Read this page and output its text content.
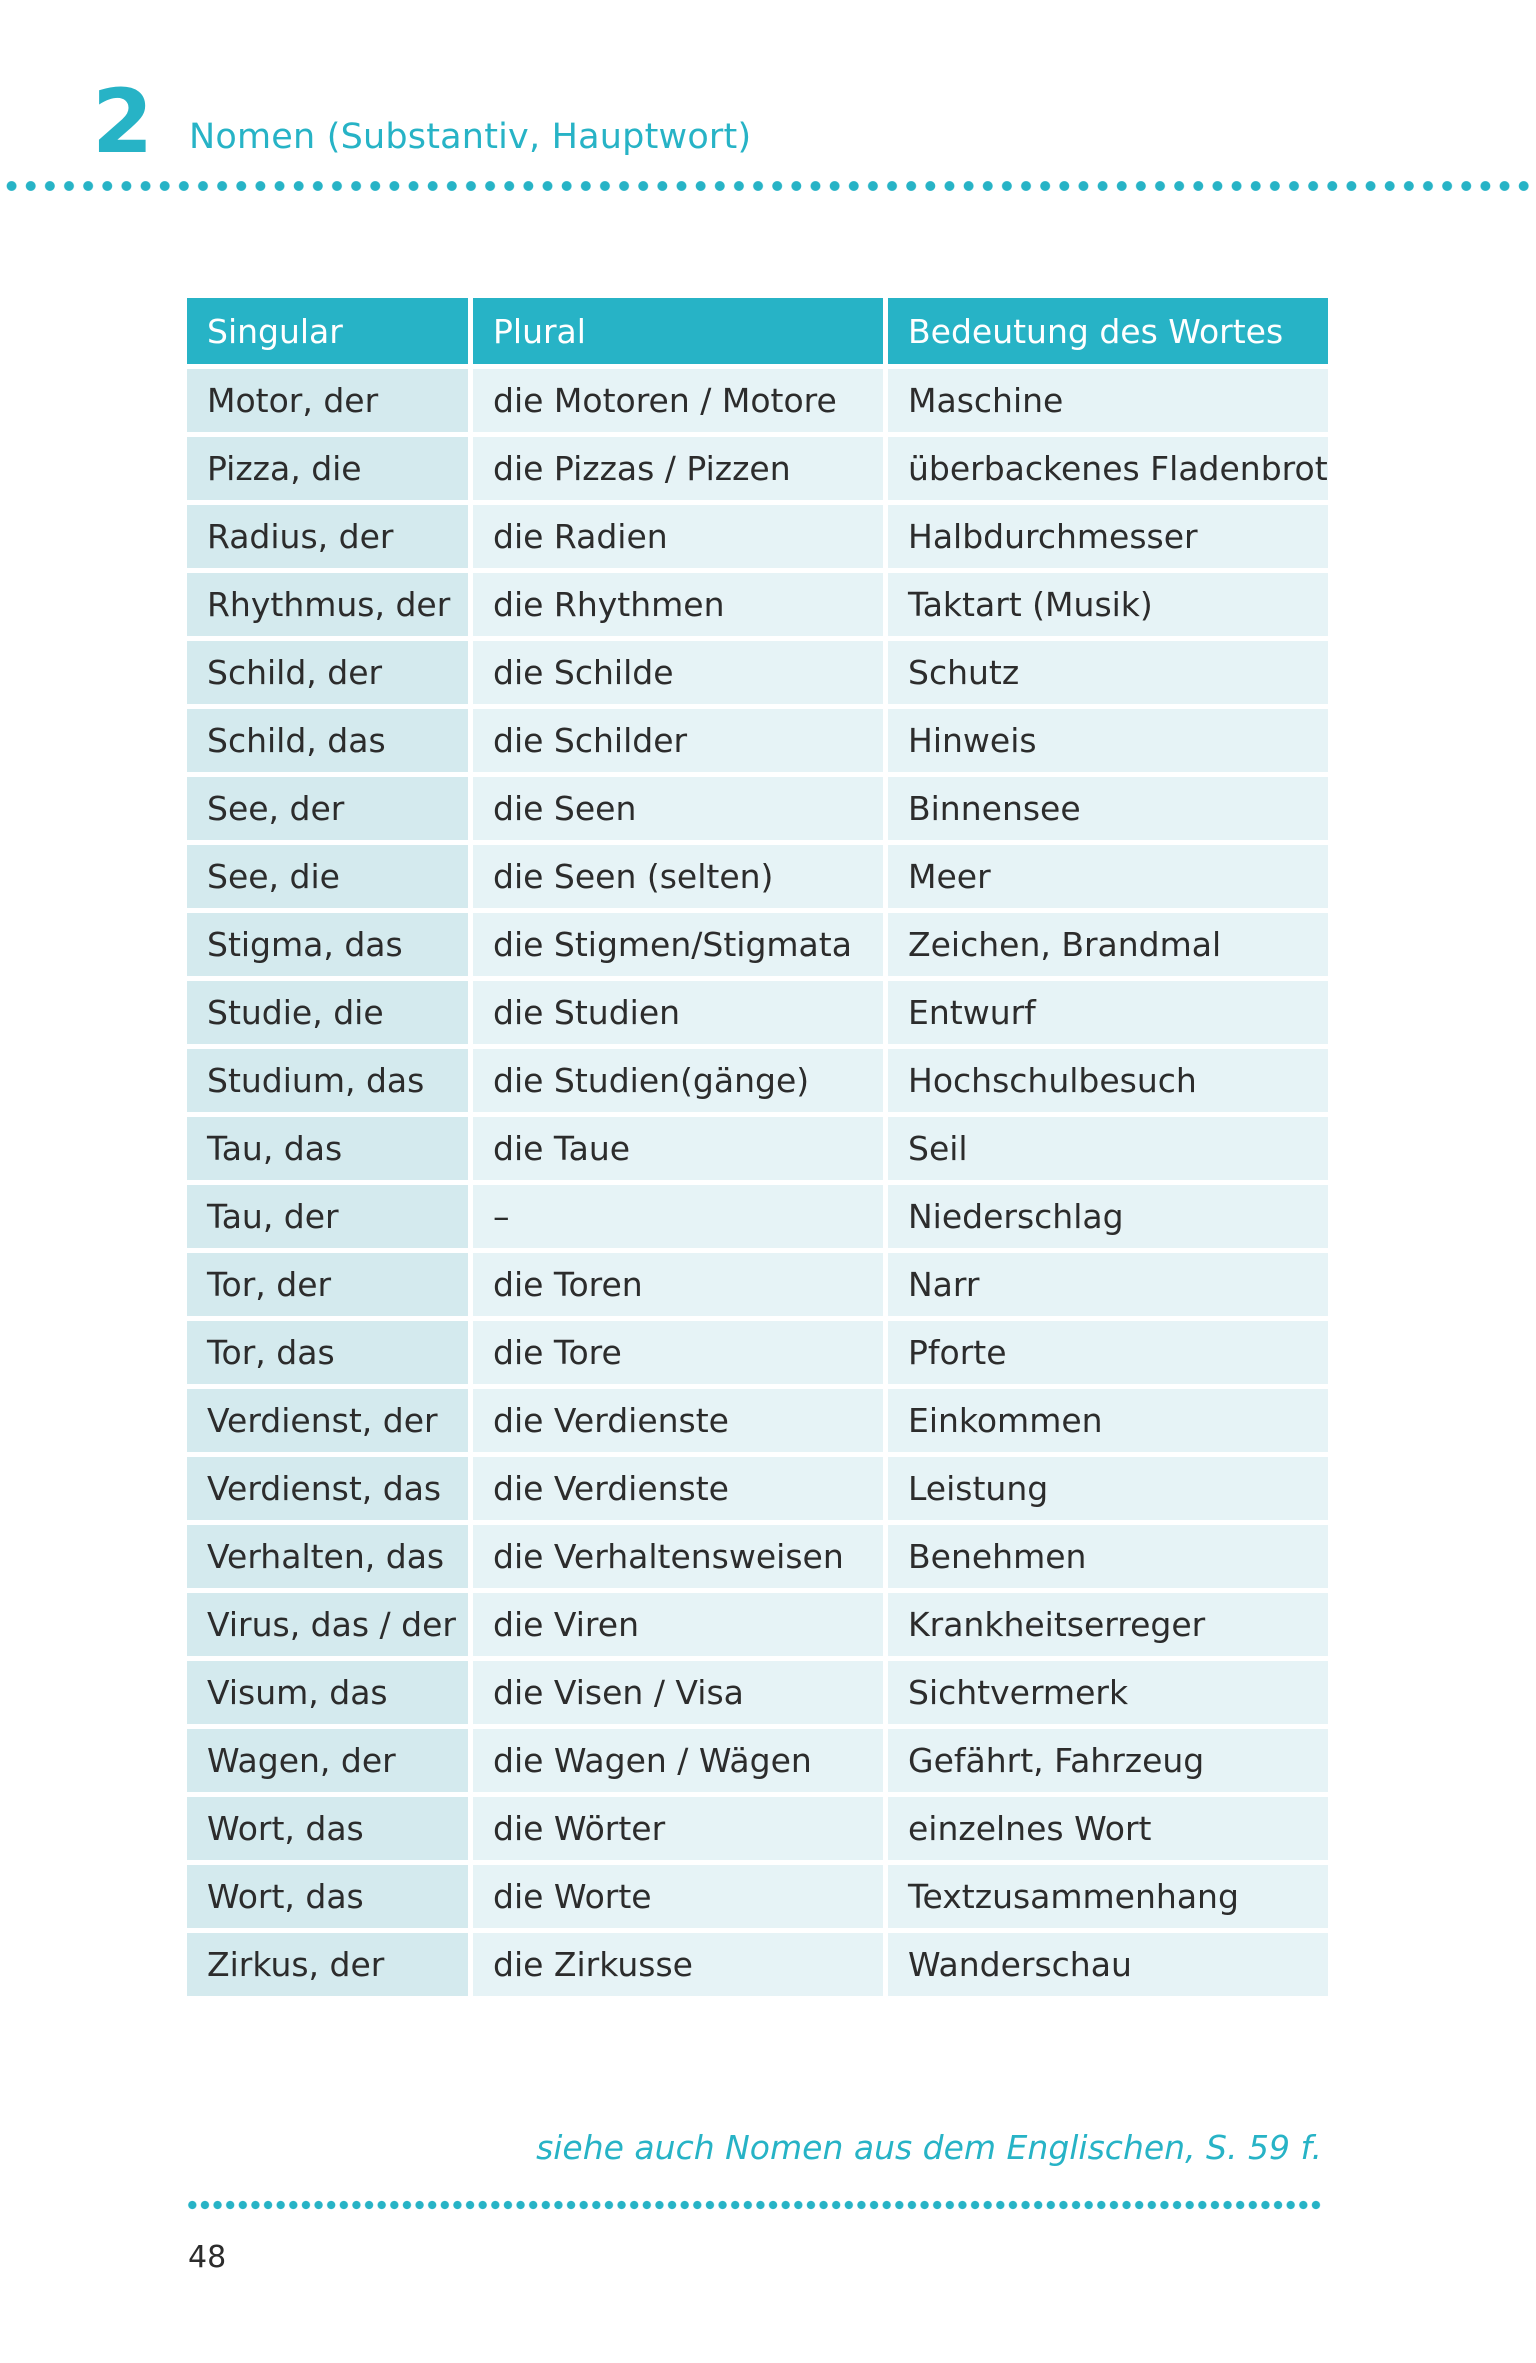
2 Nomen (Substantiv, Hauptwort)
Singular	Plural	Bedeutung des Wortes
Motor, der	die Motoren / Motore	Maschine
Pizza, die	die Pizzas / Pizzen	überbackenes Fladenbrot
Radius, der	die Radien	Halbdurchmesser
Rhythmus, der	die Rhythmen	Taktart (Musik)
Schild, der	die Schilde	Schutz
Schild, das	die Schilder	Hinweis
See, der	die Seen	Binnensee
See, die	die Seen (selten)	Meer
Stigma, das	die Stigmen/Stigmata	Zeichen, Brandmal
Studie, die	die Studien	Entwurf
Studium, das	die Studien(gänge)	Hochschulbesuch
Tau, das	die Taue	Seil
Tau, der	–	Niederschlag
Tor, der	die Toren	Narr
Tor, das	die Tore	Pforte
Verdienst, der	die Verdienste	Einkommen
Verdienst, das	die Verdienste	Leistung
Verhalten, das	die Verhaltensweisen	Benehmen
Virus, das / der	die Viren	Krankheitserreger
Visum, das	die Visen / Visa	Sichtvermerk
Wagen, der	die Wagen / Wägen	Gefährt, Fahrzeug
Wort, das	die Wörter	einzelnes Wort
Wort, das	die Worte	Textzusammenhang
Zirkus, der	die Zirkusse	Wanderschau
siehe auch Nomen aus dem Englischen, S. 59 f.
48
